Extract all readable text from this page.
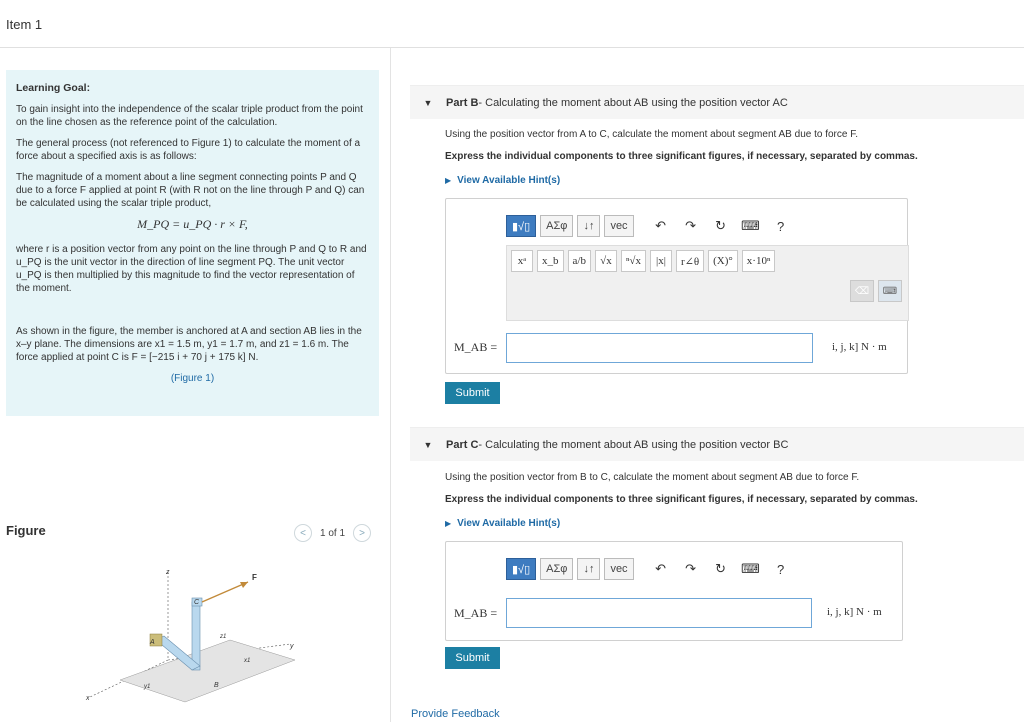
Item 1
Learning Goal:
To gain insight into the independence of the scalar triple product from the point on the line chosen as the reference point of the calculation.
The general process (not referenced to Figure 1) to calculate the moment of a force about a specified axis is as follows:
The magnitude of a moment about a line segment connecting points P and Q due to a force F applied at point R (with R not on the line through P and Q) can be calculated using the scalar triple product,
M_PQ = u_PQ · r × F,
where r is a position vector from any point on the line through P and Q to R and u_PQ is the unit vector in the direction of line segment PQ. The unit vector u_PQ is then multiplied by this magnitude to find the vector representation of the moment.
As shown in the figure, the member is anchored at A and section AB lies in the x–y plane. The dimensions are x1 = 1.5 m, y1 = 1.7 m, and z1 = 1.6 m. The force applied at point C is F = [−215 i + 70 j + 175 k] N.
(Figure 1)
Figure	<	1 of 1	>
z
F
C
A
B
z1
x1
y1
y
x
▼	Part B - Calculating the moment about AB using the position vector AC
Using the position vector from A to C, calculate the moment about segment AB due to force F.
Express the individual components to three significant figures, if necessary, separated by commas.
▶ View Available Hint(s)
▮√▯	ΑΣφ	↓↑	vec	↶	↷	↻	⌨	?
xᵃ	x_b	a/b	√x	ⁿ√x	|x|	r∠θ	(X)°	x·10ⁿ
⌫	⌨
M_AB =	i, j, k] N · m
Submit
▼	Part C - Calculating the moment about AB using the position vector BC
Using the position vector from B to C, calculate the moment about segment AB due to force F.
Express the individual components to three significant figures, if necessary, separated by commas.
▶ View Available Hint(s)
▮√▯	ΑΣφ	↓↑	vec	↶	↷	↻	⌨	?
M_AB =	i, j, k] N · m
Submit
Provide Feedback
